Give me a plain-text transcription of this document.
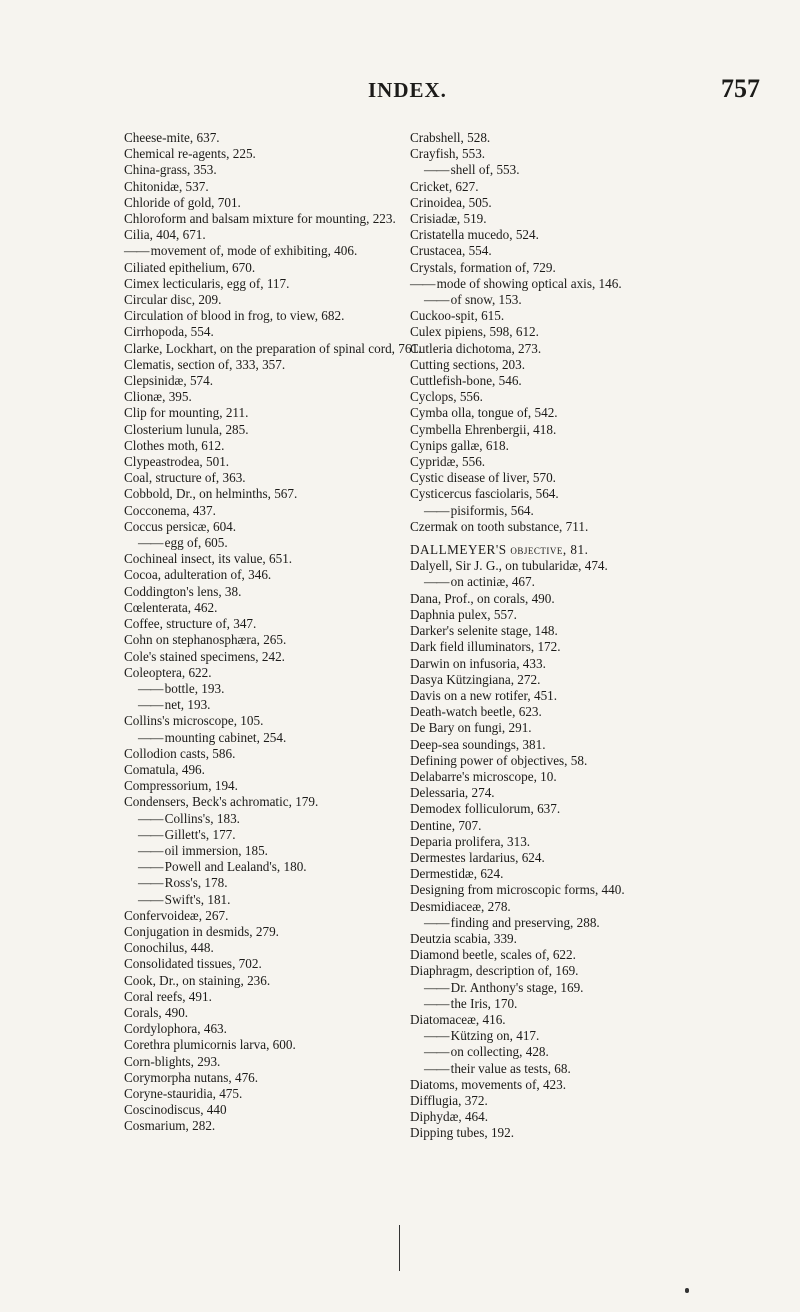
INDEX.	757
Cheese-mite, 637.
Chemical re-agents, 225.
China-grass, 353.
Chitonidæ, 537.
Chloride of gold, 701.
Chloroform and balsam mixture for mounting, 223.
Cilia, 404, 671.
—— movement of, mode of exhibiting, 406.
Ciliated epithelium, 670.
Cimex lecticularis, egg of, 117.
Circular disc, 209.
Circulation of blood in frog, to view, 682.
Cirrhopoda, 554.
Clarke, Lockhart, on the preparation of spinal cord, 761.
Clematis, section of, 333, 357.
Clepsinidæ, 574.
Clionæ, 395.
Clip for mounting, 211.
Closterium lunula, 285.
Clothes moth, 612.
Clypeastrodea, 501.
Coal, structure of, 363.
Cobbold, Dr., on helminths, 567.
Cocconema, 437.
Coccus persicæ, 604.
—— egg of, 605.
Cochineal insect, its value, 651.
Cocoa, adulteration of, 346.
Coddington's lens, 38.
Cœlenterata, 462.
Coffee, structure of, 347.
Cohn on stephanosphæra, 265.
Cole's stained specimens, 242.
Coleoptera, 622.
—— bottle, 193.
—— net, 193.
Collins's microscope, 105.
—— mounting cabinet, 254.
Collodion casts, 586.
Comatula, 496.
Compressorium, 194.
Condensers, Beck's achromatic, 179.
—— Collins's, 183.
—— Gillett's, 177.
—— oil immersion, 185.
—— Powell and Lealand's, 180.
—— Ross's, 178.
—— Swift's, 181.
Confervoideæ, 267.
Conjugation in desmids, 279.
Conochilus, 448.
Consolidated tissues, 702.
Cook, Dr., on staining, 236.
Coral reefs, 491.
Corals, 490.
Cordylophora, 463.
Corethra plumicornis larva, 600.
Corn-blights, 293.
Corymorpha nutans, 476.
Coryne-stauridia, 475.
Coscinodiscus, 440
Cosmarium, 282.
Crabshell, 528.
Crayfish, 553.
—— shell of, 553.
Cricket, 627.
Crinoidea, 505.
Crisiadæ, 519.
Cristatella mucedo, 524.
Crustacea, 554.
Crystals, formation of, 729.
—— mode of showing optical axis, 146.
—— of snow, 153.
Cuckoo-spit, 615.
Culex pipiens, 598, 612.
Cutleria dichotoma, 273.
Cutting sections, 203.
Cuttlefish-bone, 546.
Cyclops, 556.
Cymba olla, tongue of, 542.
Cymbella Ehrenbergii, 418.
Cynips gallæ, 618.
Cypridæ, 556.
Cystic disease of liver, 570.
Cysticercus fasciolaris, 564.
—— pisiformis, 564.
Czermak on tooth substance, 711.
DALLMEYER'S objective, 81.
Dalyell, Sir J. G., on tubularidæ, 474.
—— on actiniæ, 467.
Dana, Prof., on corals, 490.
Daphnia pulex, 557.
Darker's selenite stage, 148.
Dark field illuminators, 172.
Darwin on infusoria, 433.
Dasya Kützingiana, 272.
Davis on a new rotifer, 451.
Death-watch beetle, 623.
De Bary on fungi, 291.
Deep-sea soundings, 381.
Defining power of objectives, 58.
Delabarre's microscope, 10.
Delessaria, 274.
Demodex folliculorum, 637.
Dentine, 707.
Deparia prolifera, 313.
Dermestes lardarius, 624.
Dermestidæ, 624.
Designing from microscopic forms, 440.
Desmidiaceæ, 278.
—— finding and preserving, 288.
Deutzia scabia, 339.
Diamond beetle, scales of, 622.
Diaphragm, description of, 169.
—— Dr. Anthony's stage, 169.
—— the Iris, 170.
Diatomaceæ, 416.
—— Kützing on, 417.
—— on collecting, 428.
—— their value as tests, 68.
Diatoms, movements of, 423.
Difflugia, 372.
Diphydæ, 464.
Dipping tubes, 192.
